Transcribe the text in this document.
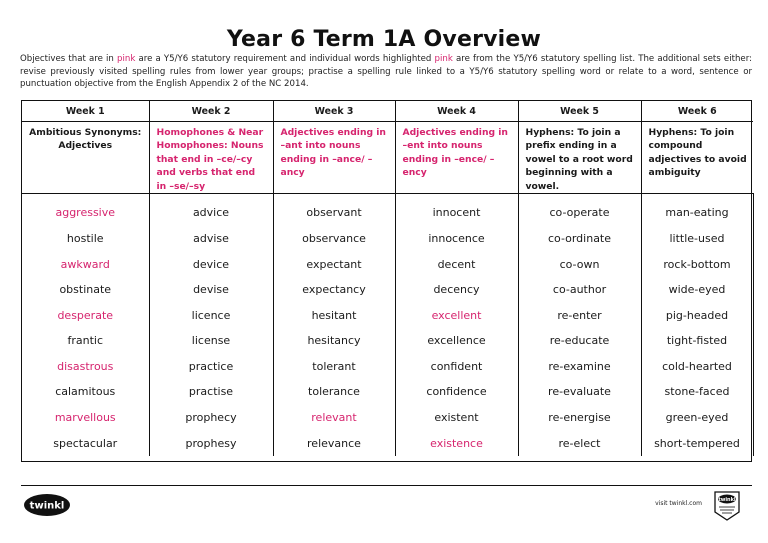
Year 6 Term 1A Overview
Objectives that are in pink are a Y5/Y6 statutory requirement and individual words highlighted pink are from the Y5/Y6 statutory spelling list. The additional sets either: revise previously visited spelling rules from lower year groups; practise a spelling rule linked to a Y5/Y6 statutory spelling word or relate to a word, sentence or punctuation objective from the English Appendix 2 of the NC 2014.
Week 1	Week 2	Week 3	Week 4	Week 5	Week 6
Ambitious Synonyms: Adjectives	Homophones & Near Homophones: Nouns that end in –ce/–cy and verbs that end in –se/–sy	Adjectives ending in –ant into nouns ending in –ance/ –ancy	Adjectives ending in –ent into nouns ending in –ence/ –ency	Hyphens: To join a prefix ending in a vowel to a root word beginning with a vowel.	Hyphens: To join compound adjectives to avoid ambiguity
aggressive	advice	observant	innocent	co-operate	man-eating
hostile	advise	observance	innocence	co-ordinate	little-used
awkward	device	expectant	decent	co-own	rock-bottom
obstinate	devise	expectancy	decency	co-author	wide-eyed
desperate	licence	hesitant	excellent	re-enter	pig-headed
frantic	license	hesitancy	excellence	re-educate	tight-fisted
disastrous	practice	tolerant	confident	re-examine	cold-hearted
calamitous	practise	tolerance	confidence	re-evaluate	stone-faced
marvellous	prophecy	relevant	existent	re-energise	green-eyed
spectacular	prophesy	relevance	existence	re-elect	short-tempered
twinkl	visit twinkl.com	twinkl
